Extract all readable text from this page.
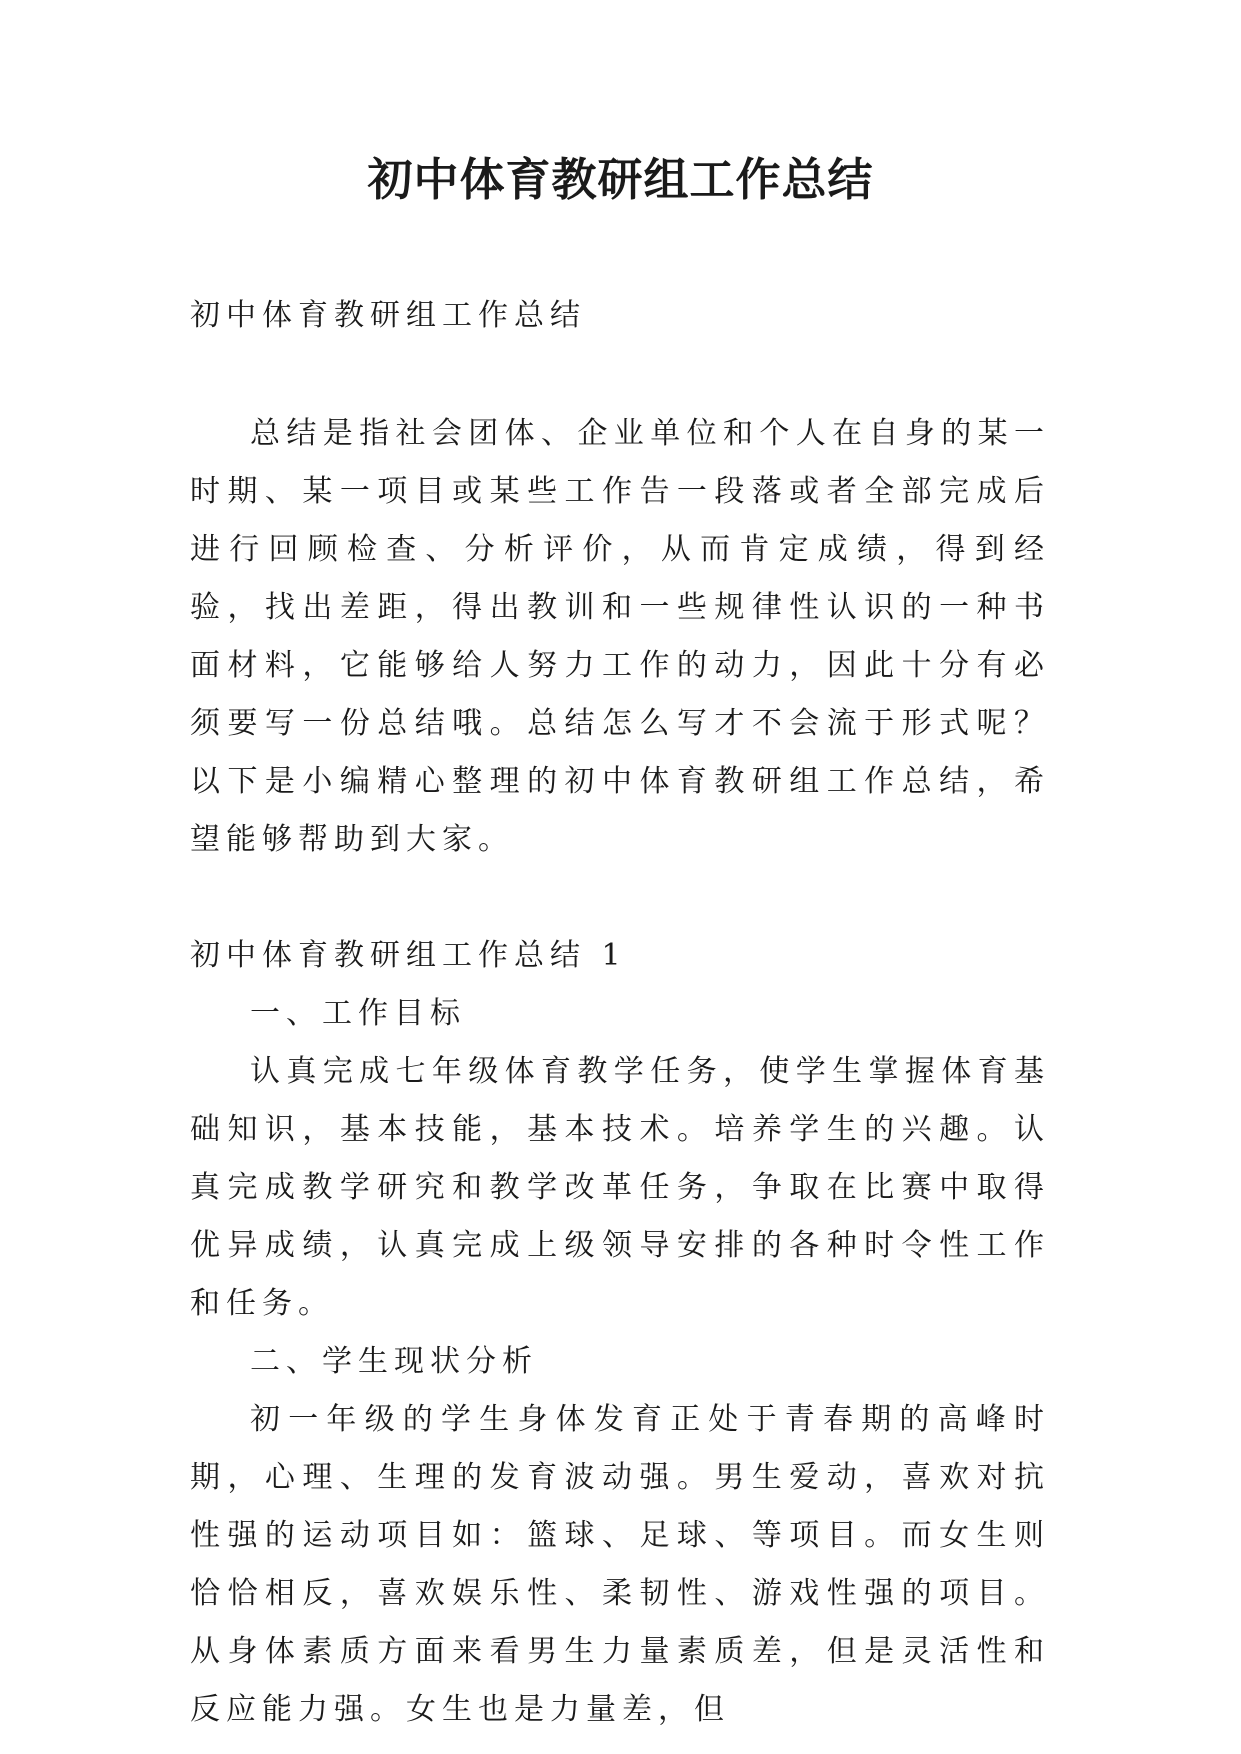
初中体育教研组工作总结

初中体育教研组工作总结

总结是指社会团体、企业单位和个人在自身的某一时期、某一项目或某些工作告一段落或者全部完成后进行回顾检查、分析评价，从而肯定成绩，得到经验，找出差距，得出教训和一些规律性认识的一种书面材料，它能够给人努力工作的动力，因此十分有必须要写一份总结哦。总结怎么写才不会流于形式呢？以下是小编精心整理的初中体育教研组工作总结，希望能够帮助到大家。

初中体育教研组工作总结 1

一、工作目标

认真完成七年级体育教学任务，使学生掌握体育基础知识，基本技能，基本技术。培养学生的兴趣。认真完成教学研究和教学改革任务，争取在比赛中取得优异成绩，认真完成上级领导安排的各种时令性工作和任务。

二、学生现状分析

初一年级的学生身体发育正处于青春期的高峰时期，心理、生理的发育波动强。男生爱动，喜欢对抗性强的运动项目如：篮球、足球、等项目。而女生则恰恰相反，喜欢娱乐性、柔韧性、游戏性强的项目。从身体素质方面来看男生力量素质差，但是灵活性和反应能力强。女生也是力量差，但
